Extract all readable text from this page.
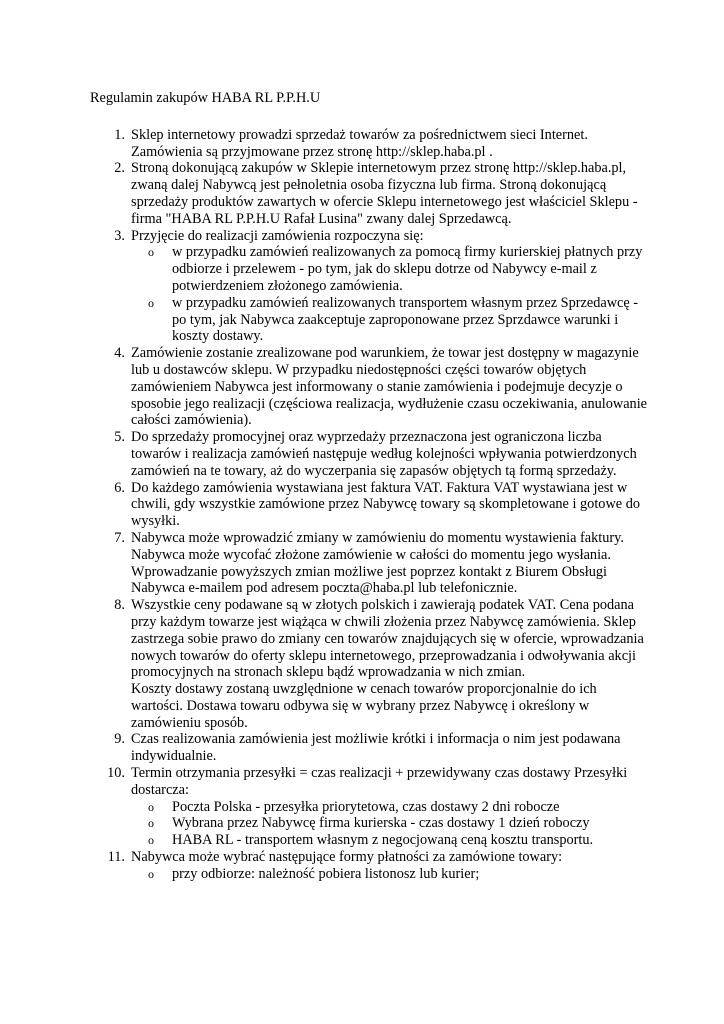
Regulamin zakupów HABA RL P.P.H.U

1. Sklep internetowy prowadzi sprzedaż towarów za pośrednictwem sieci Internet. Zamówienia są przyjmowane przez stronę http://sklep.haba.pl .
2. Stroną dokonującą zakupów w Sklepie internetowym przez stronę http://sklep.haba.pl, zwaną dalej Nabywcą jest pełnoletnia osoba fizyczna lub firma. Stroną dokonującą sprzedaży produktów zawartych w ofercie Sklepu internetowego jest właściciel Sklepu - firma "HABA RL P.P.H.U Rafał Lusina" zwany dalej Sprzedawcą.
3. Przyjęcie do realizacji zamówienia rozpoczyna się:
o w przypadku zamówień realizowanych za pomocą firmy kurierskiej płatnych przy odbiorze i przelewem - po tym, jak do sklepu dotrze od Nabywcy e-mail z potwierdzeniem złożonego zamówienia.
o w przypadku zamówień realizowanych transportem własnym przez Sprzedawcę - po tym, jak Nabywca zaakceptuje zaproponowane przez Sprzdawce warunki i koszty dostawy.
4. Zamówienie zostanie zrealizowane pod warunkiem, że towar jest dostępny w magazynie lub u dostawców sklepu. W przypadku niedostępności części towarów objętych zamówieniem Nabywca jest informowany o stanie zamówienia i podejmuje decyzje o sposobie jego realizacji (częściowa realizacja, wydłużenie czasu oczekiwania, anulowanie całości zamówienia).
5. Do sprzedaży promocyjnej oraz wyprzedaży przeznaczona jest ograniczona liczba towarów i realizacja zamówień następuje według kolejności wpływania potwierdzonych zamówień na te towary, aż do wyczerpania się zapasów objętych tą formą sprzedaży.
6. Do każdego zamówienia wystawiana jest faktura VAT. Faktura VAT wystawiana jest w chwili, gdy wszystkie zamówione przez Nabywcę towary są skompletowane i gotowe do wysyłki.
7. Nabywca może wprowadzić zmiany w zamówieniu do momentu wystawienia faktury. Nabywca może wycofać złożone zamówienie w całości do momentu jego wysłania. Wprowadzanie powyższych zmian możliwe jest poprzez kontakt z Biurem Obsługi Nabywca e-mailem pod adresem poczta@haba.pl lub telefonicznie.
8. Wszystkie ceny podawane są w złotych polskich i zawierają podatek VAT. Cena podana przy każdym towarze jest wiążąca w chwili złożenia przez Nabywcę zamówienia. Sklep zastrzega sobie prawo do zmiany cen towarów znajdujących się w ofercie, wprowadzania nowych towarów do oferty sklepu internetowego, przeprowadzania i odwoływania akcji promocyjnych na stronach sklepu bądź wprowadzania w nich zmian.
Koszty dostawy zostaną uwzględnione w cenach towarów proporcjonalnie do ich wartości. Dostawa towaru odbywa się w wybrany przez Nabywcę i określony w zamówieniu sposób.
9. Czas realizowania zamówienia jest możliwie krótki i informacja o nim jest podawana indywidualnie.
10. Termin otrzymania przesyłki = czas realizacji + przewidywany czas dostawy Przesyłki dostarcza:
o Poczta Polska - przesyłka priorytetowa, czas dostawy 2 dni robocze
o Wybrana przez Nabywcę firma kurierska - czas dostawy 1 dzień roboczy
o HABA RL - transportem własnym z negocjowaną ceną kosztu transportu.
11. Nabywca może wybrać następujące formy płatności za zamówione towary:
o przy odbiorze: należność pobiera listonosz lub kurier;
